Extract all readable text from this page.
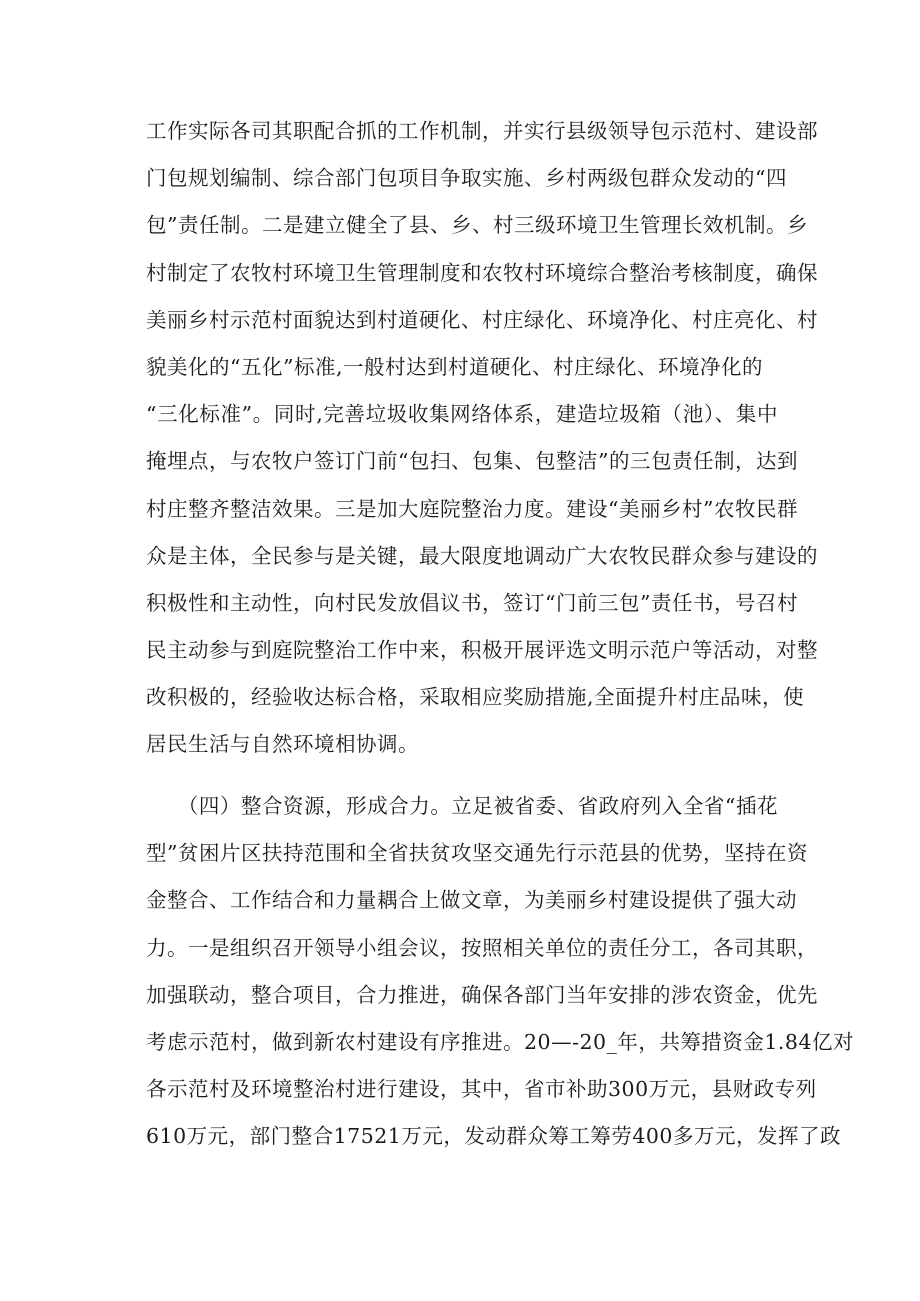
工作实际各司其职配合抓的工作机制，并实行县级领导包示范村、建设部
门包规划编制、综合部门包项目争取实施、乡村两级包群众发动的“四
包”责任制。二是建立健全了县、乡、村三级环境卫生管理长效机制。乡
村制定了农牧村环境卫生管理制度和农牧村环境综合整治考核制度，确保
美丽乡村示范村面貌达到村道硬化、村庄绿化、环境净化、村庄亮化、村
貌美化的“五化”标准,一般村达到村道硬化、村庄绿化、环境净化的
“三化标准”。同时,完善垃圾收集网络体系，建造垃圾箱（池）、集中
掩埋点，与农牧户签订门前“包扫、包集、包整洁”的三包责任制，达到
村庄整齐整洁效果。三是加大庭院整治力度。建设“美丽乡村”农牧民群
众是主体，全民参与是关键，最大限度地调动广大农牧民群众参与建设的
积极性和主动性，向村民发放倡议书，签订“门前三包”责任书，号召村
民主动参与到庭院整治工作中来，积极开展评选文明示范户等活动，对整
改积极的，经验收达标合格，采取相应奖励措施,全面提升村庄品味，使
居民生活与自然环境相协调。
　　（四）整合资源，形成合力。立足被省委、省政府列入全省“插花
型”贫困片区扶持范围和全省扶贫攻坚交通先行示范县的优势，坚持在资
金整合、工作结合和力量耦合上做文章，为美丽乡村建设提供了强大动
力。一是组织召开领导小组会议，按照相关单位的责任分工，各司其职，
加强联动，整合项目，合力推进，确保各部门当年安排的涉农资金，优先
考虑示范村，做到新农村建设有序推进。20—-20_年，共筹措资金1.84亿对
各示范村及环境整治村进行建设，其中，省市补助300万元，县财政专列
610万元，部门整合17521万元，发动群众筹工筹劳400多万元，发挥了政
